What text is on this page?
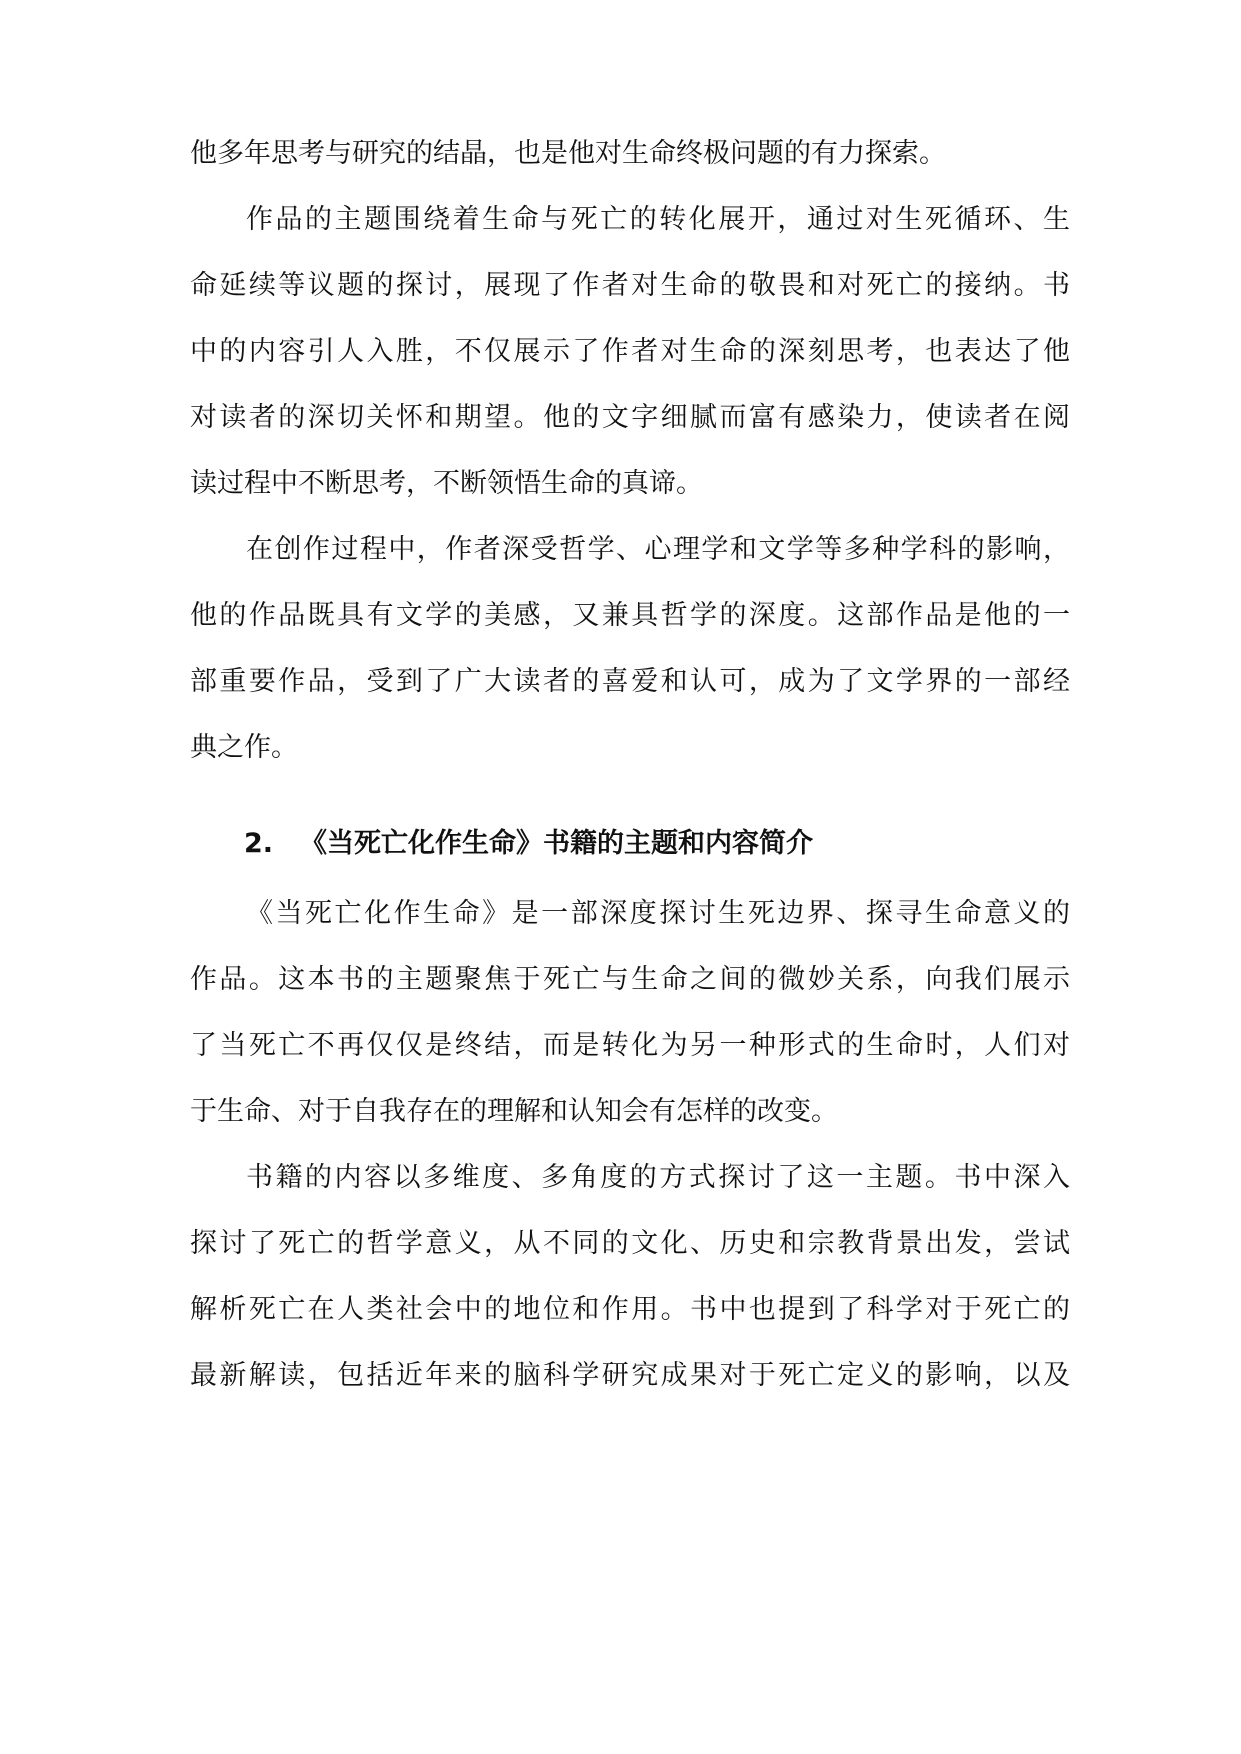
他多年思考与研究的结晶，也是他对生命终极问题的有力探索。

作品的主题围绕着生命与死亡的转化展开，通过对生死循环、生

命延续等议题的探讨，展现了作者对生命的敬畏和对死亡的接纳。书

中的内容引人入胜，不仅展示了作者对生命的深刻思考，也表达了他

对读者的深切关怀和期望。他的文字细腻而富有感染力，使读者在阅

读过程中不断思考，不断领悟生命的真谛。

在创作过程中，作者深受哲学、心理学和文学等多种学科的影响，

他的作品既具有文学的美感，又兼具哲学的深度。这部作品是他的一

部重要作品，受到了广大读者的喜爱和认可，成为了文学界的一部经

典之作。

2. 《当死亡化作生命》书籍的主题和内容简介

《当死亡化作生命》是一部深度探讨生死边界、探寻生命意义的

作品。这本书的主题聚焦于死亡与生命之间的微妙关系，向我们展示

了当死亡不再仅仅是终结，而是转化为另一种形式的生命时，人们对

于生命、对于自我存在的理解和认知会有怎样的改变。

书籍的内容以多维度、多角度的方式探讨了这一主题。书中深入

探讨了死亡的哲学意义，从不同的文化、历史和宗教背景出发，尝试

解析死亡在人类社会中的地位和作用。书中也提到了科学对于死亡的

最新解读，包括近年来的脑科学研究成果对于死亡定义的影响，以及
